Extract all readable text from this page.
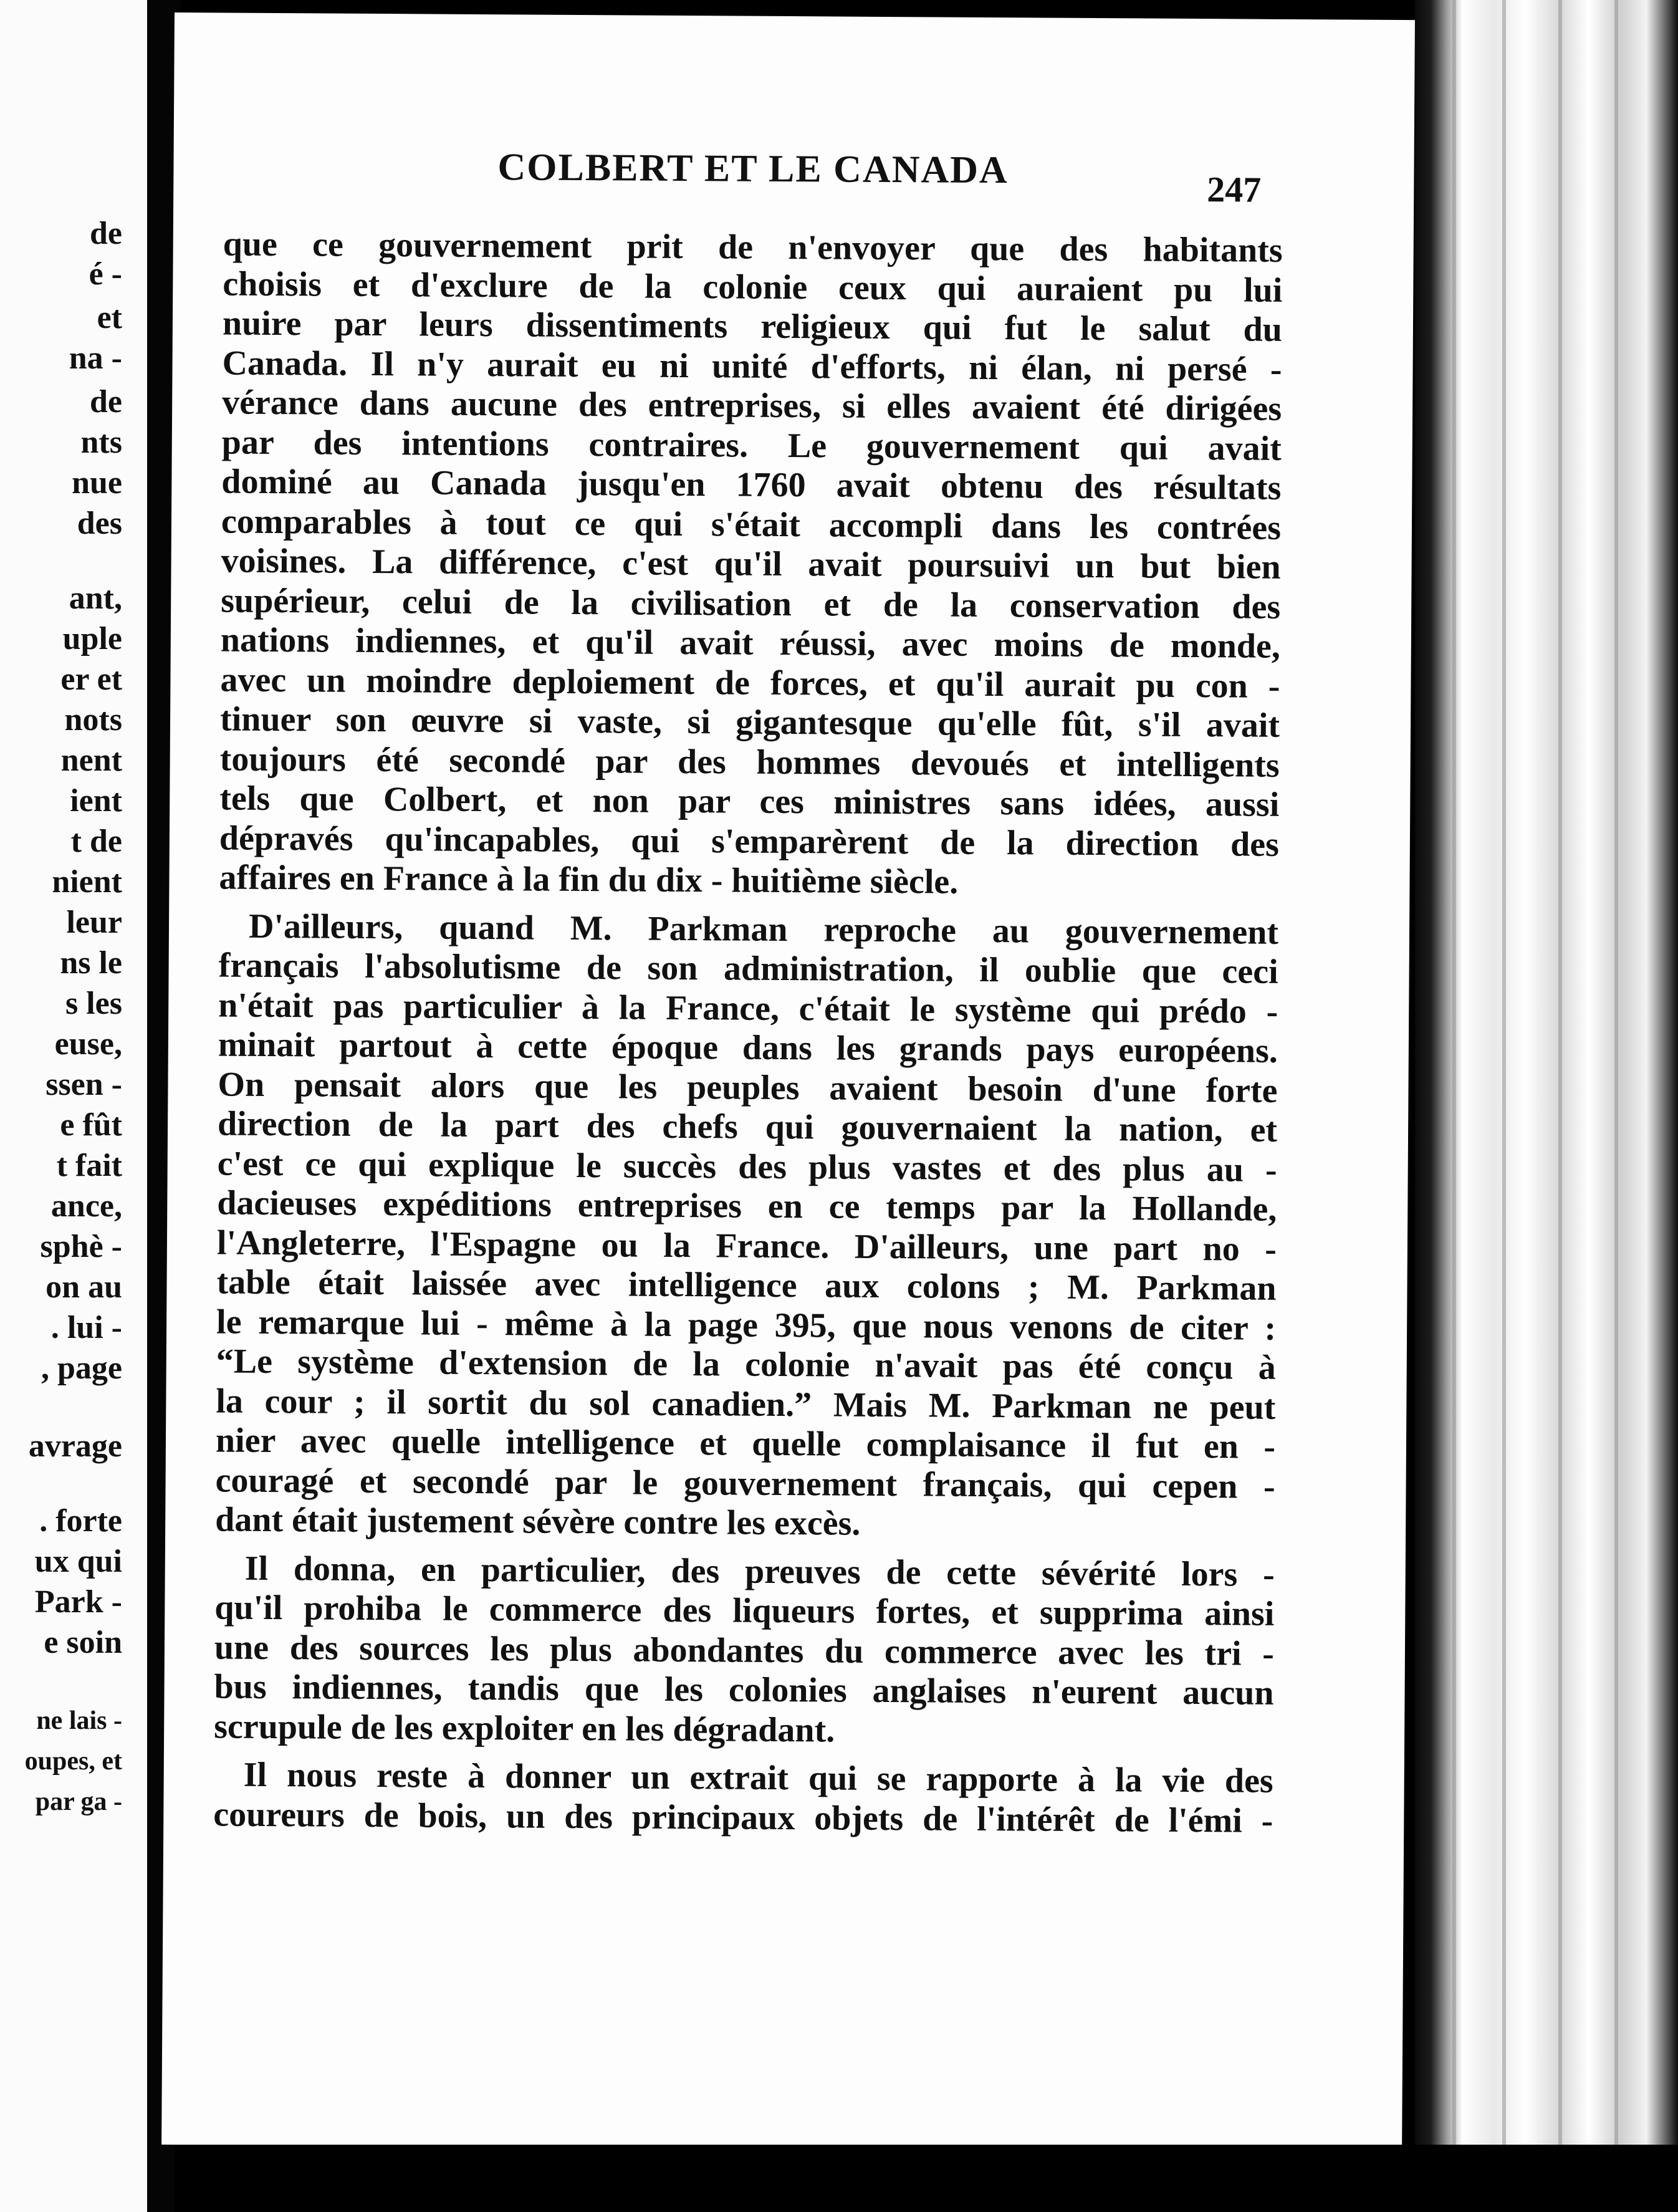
de
é -
et
na -
de
nts
nue
des
ant,
uple
er et
nots
nent
ient
t de
nient
leur
ns le
s les
euse,
ssen -
e fût
t fait
ance,
sphè -
on au
. lui -
, page
avrage
. forte
ux qui
Park -
e soin
ne lais -
oupes, et
par ga -
COLBERT ET LE CANADA	247
que ce gouvernement prit de n'envoyer que des habitants
choisis et d'exclure de la colonie ceux qui auraient pu lui
nuire par leurs dissentiments religieux qui fut le salut du
Canada. Il n'y aurait eu ni unité d'efforts, ni élan, ni persé -
vérance dans aucune des entreprises, si elles avaient été dirigées
par des intentions contraires. Le gouvernement qui avait
dominé au Canada jusqu'en 1760 avait obtenu des résultats
comparables à tout ce qui s'était accompli dans les contrées
voisines. La différence, c'est qu'il avait poursuivi un but bien
supérieur, celui de la civilisation et de la conservation des
nations indiennes, et qu'il avait réussi, avec moins de monde,
avec un moindre deploiement de forces, et qu'il aurait pu con -
tinuer son œuvre si vaste, si gigantesque qu'elle fût, s'il avait
toujours été secondé par des hommes devoués et intelligents
tels que Colbert, et non par ces ministres sans idées, aussi
dépravés qu'incapables, qui s'emparèrent de la direction des
affaires en France à la fin du dix - huitième siècle.
D'ailleurs, quand M. Parkman reproche au gouvernement
français l'absolutisme de son administration, il oublie que ceci
n'était pas particulier à la France, c'était le système qui prédo -
minait partout à cette époque dans les grands pays européens.
On pensait alors que les peuples avaient besoin d'une forte
direction de la part des chefs qui gouvernaient la nation, et
c'est ce qui explique le succès des plus vastes et des plus au -
dacieuses expéditions entreprises en ce temps par la Hollande,
l'Angleterre, l'Espagne ou la France. D'ailleurs, une part no -
table était laissée avec intelligence aux colons ; M. Parkman
le remarque lui - même à la page 395, que nous venons de citer :
“Le système d'extension de la colonie n'avait pas été conçu à
la cour ; il sortit du sol canadien.” Mais M. Parkman ne peut
nier avec quelle intelligence et quelle complaisance il fut en -
couragé et secondé par le gouvernement français, qui cepen -
dant était justement sévère contre les excès.
Il donna, en particulier, des preuves de cette sévérité lors -
qu'il prohiba le commerce des liqueurs fortes, et supprima ainsi
une des sources les plus abondantes du commerce avec les tri -
bus indiennes, tandis que les colonies anglaises n'eurent aucun
scrupule de les exploiter en les dégradant.
Il nous reste à donner un extrait qui se rapporte à la vie des
coureurs de bois, un des principaux objets de l'intérêt de l'émi -
